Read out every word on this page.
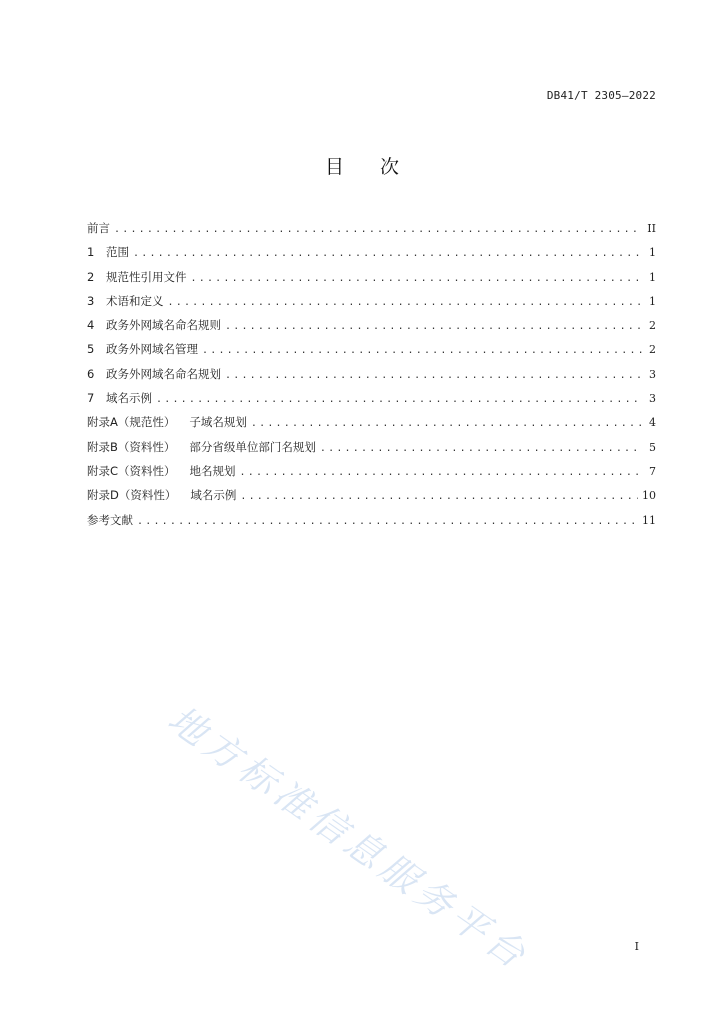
DB41/T 2305—2022
目次
前言 .....	II
1	范围 .....	1
2	规范性引用文件 .....	1
3	术语和定义 .....	1
4	政务外网域名命名规则 .....	2
5	政务外网域名管理 .....	2
6	政务外网域名命名规划 .....	3
7	域名示例 .....	3
附录A （规范性） 子域名规划 .....	4
附录B （资料性） 部分省级单位部门名规划 .....	5
附录C （资料性） 地名规划 .....	7
附录D （资料性） 域名示例 .....	10
参考文献 .....	11
地方标准信息服务平台	I
